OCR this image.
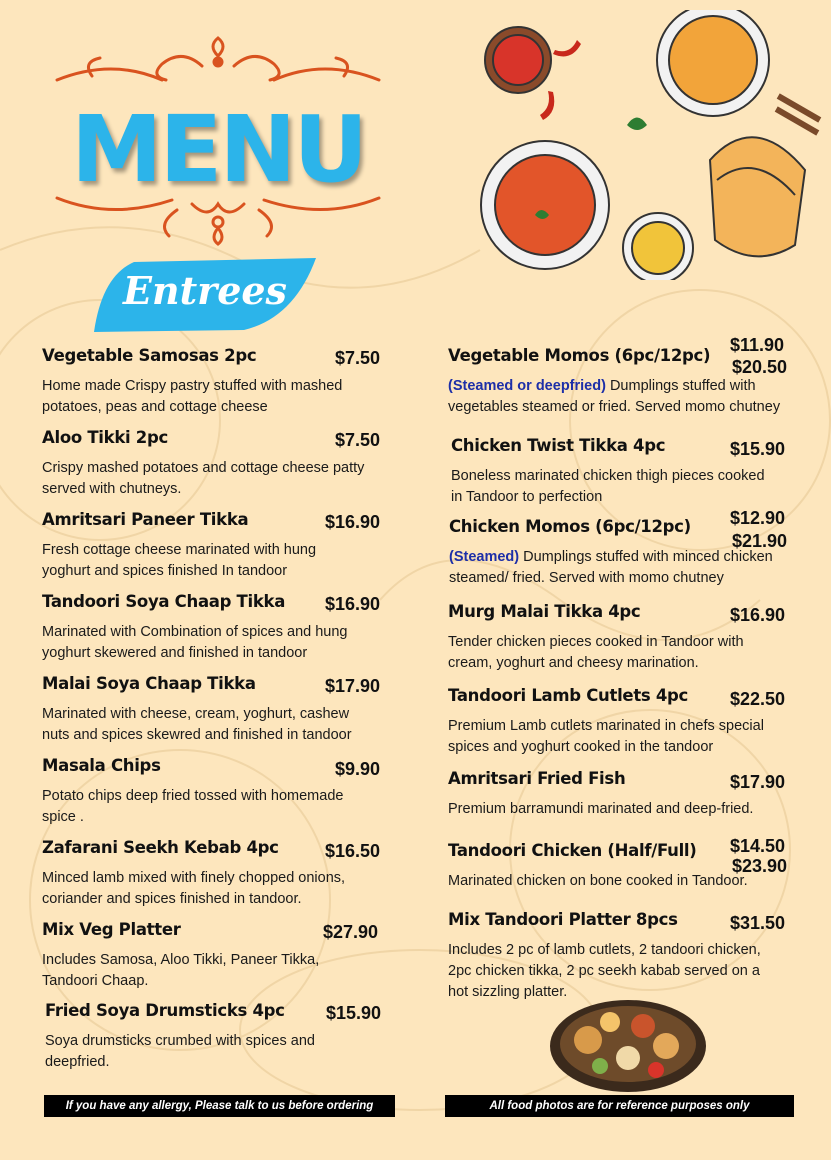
MENU
Entrees
If you have any allergy, Please talk to us before ordering	All food photos are for reference purposes only
Vegetable Samosas 2pc	$7.50
Home made Crispy pastry stuffed with mashed
potatoes, peas and cottage cheese
Aloo Tikki 2pc	$7.50
Crispy mashed potatoes and cottage cheese patty
served with chutneys.
Amritsari Paneer Tikka	$16.90
Fresh cottage cheese marinated with hung
yoghurt and spices finished In tandoor
Tandoori Soya Chaap Tikka $16.90
Marinated with Combination of spices and hung
yoghurt skewered and finished in tandoor
Malai Soya Chaap Tikka	$17.90
Marinated with cheese, cream, yoghurt, cashew
nuts and spices skewred and finished in tandoor
Masala Chips	$9.90
Potato chips deep fried tossed with homemade
spice .
Zafarani Seekh Kebab 4pc	$16.50
Minced lamb mixed with finely chopped onions,
coriander and spices finished in tandoor.
Mix Veg Platter	$27.90
Includes Samosa, Aloo Tikki, Paneer Tikka,
Tandoori Chaap.
Fried Soya Drumsticks 4pc $15.90
Soya drumsticks crumbed with spices and
deepfried.
Vegetable Momos (6pc/12pc)
$11.90
$20.50
(Steamed or deepfried) Dumplings stuffed with
vegetables steamed or fried. Served momo chutney
Chicken Twist Tikka 4pc	$15.90
Boneless marinated chicken thigh pieces cooked
in Tandoor to perfection
Chicken Momos (6pc/12pc) $12.90
$21.90
(Steamed) Dumplings stuffed with minced chicken
steamed/ fried. Served with momo chutney
Murg Malai Tikka 4pc	$16.90
Tender chicken pieces cooked in Tandoor with
cream, yoghurt and cheesy marination.
Tandoori Lamb Cutlets 4pc $22.50
Premium Lamb cutlets marinated in chefs special
spices and yoghurt cooked in the tandoor
Amritsari Fried Fish	$17.90
Premium barramundi marinated and deep-fried.
Tandoori Chicken (Half/Full) $14.50
$23.90
Marinated chicken on bone cooked in Tandoor.
Mix Tandoori Platter 8pcs	$31.50
Includes 2 pc of lamb cutlets, 2 tandoori chicken,
2pc chicken tikka, 2 pc seekh kabab served on a
hot sizzling platter.
